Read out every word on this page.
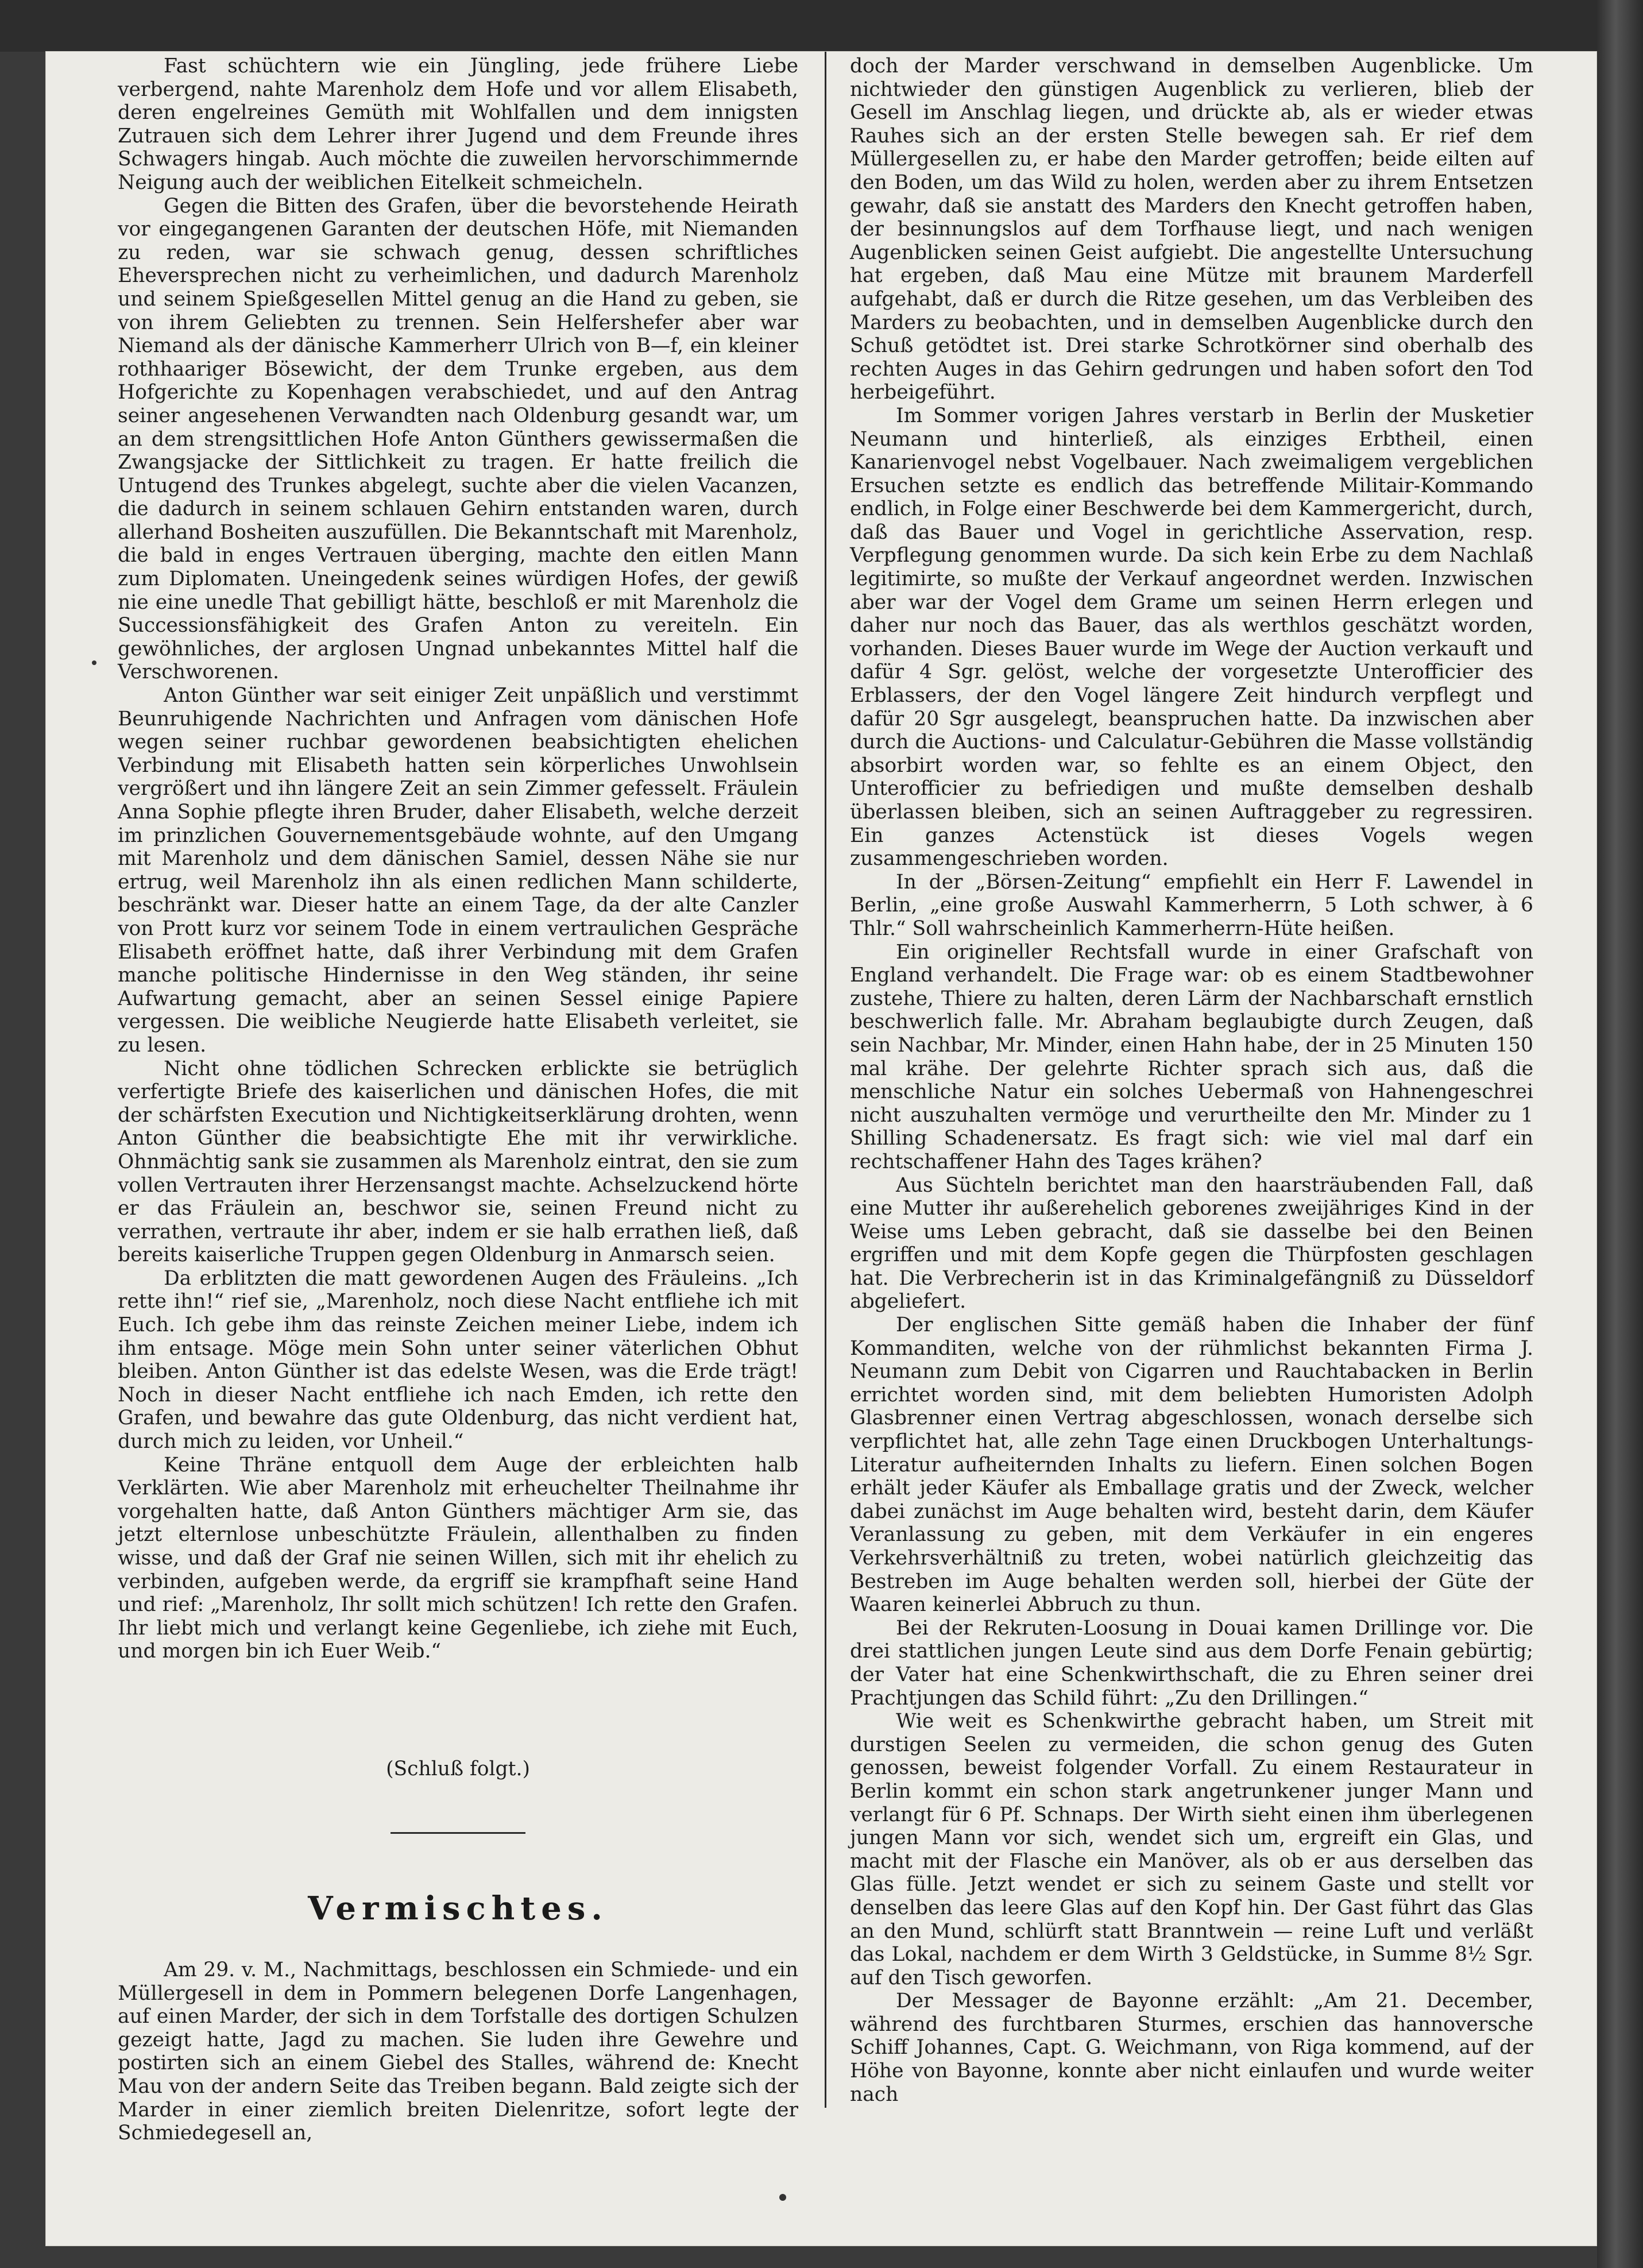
Fast schüchtern wie ein Jüngling, jede frühere Liebe verbergend, nahte Marenholz dem Hofe und vor allem Elisabeth, deren engelreines Gemüth mit Wohlfallen und dem innigsten Zutrauen sich dem Lehrer ihrer Jugend und dem Freunde ihres Schwagers hingab. Auch möchte die zuweilen hervorschimmernde Neigung auch der weiblichen Eitelkeit schmeicheln.

Gegen die Bitten des Grafen, über die bevorstehende Heirath vor eingegangenen Garanten der deutschen Höfe, mit Niemanden zu reden, war sie schwach genug, dessen schriftliches Eheversprechen nicht zu verheimlichen, und dadurch Marenholz und seinem Spießgesellen Mittel genug an die Hand zu geben, sie von ihrem Geliebten zu trennen. Sein Helfershefer aber war Niemand als der dänische Kammerherr Ulrich von B—f, ein kleiner rothhaariger Bösewicht, der dem Trunke ergeben, aus dem Hofgerichte zu Kopenhagen verabschiedet, und auf den Antrag seiner angesehenen Verwandten nach Oldenburg gesandt war, um an dem strengsittlichen Hofe Anton Günthers gewissermaßen die Zwangsjacke der Sittlichkeit zu tragen. Er hatte freilich die Untugend des Trunkes abgelegt, suchte aber die vielen Vacanzen, die dadurch in seinem schlauen Gehirn entstanden waren, durch allerhand Bosheiten auszufüllen. Die Bekanntschaft mit Marenholz, die bald in enges Vertrauen überging, machte den eitlen Mann zum Diplomaten. Uneingedenk seines würdigen Hofes, der gewiß nie eine unedle That gebilligt hätte, beschloß er mit Marenholz die Successionsfähigkeit des Grafen Anton zu vereiteln. Ein gewöhnliches, der arglosen Ungnad unbekanntes Mittel half die Verschworenen.

Anton Günther war seit einiger Zeit unpäßlich und verstimmt Beunruhigende Nachrichten und Anfragen vom dänischen Hofe wegen seiner ruchbar gewordenen beabsichtigten ehelichen Verbindung mit Elisabeth hatten sein körperliches Unwohlsein vergrößert und ihn längere Zeit an sein Zimmer gefesselt. Fräulein Anna Sophie pflegte ihren Bruder, daher Elisabeth, welche derzeit im prinzlichen Gouvernementsgebäude wohnte, auf den Umgang mit Marenholz und dem dänischen Samiel, dessen Nähe sie nur ertrug, weil Marenholz ihn als einen redlichen Mann schilderte, beschränkt war. Dieser hatte an einem Tage, da der alte Canzler von Prott kurz vor seinem Tode in einem vertraulichen Gespräche Elisabeth eröffnet hatte, daß ihrer Verbindung mit dem Grafen manche politische Hindernisse in den Weg ständen, ihr seine Aufwartung gemacht, aber an seinen Sessel einige Papiere vergessen. Die weibliche Neugierde hatte Elisabeth verleitet, sie zu lesen.

Nicht ohne tödlichen Schrecken erblickte sie betrüglich verfertigte Briefe des kaiserlichen und dänischen Hofes, die mit der schärfsten Execution und Nichtigkeitserklärung drohten, wenn Anton Günther die beabsichtigte Ehe mit ihr verwirkliche. Ohnmächtig sank sie zusammen als Marenholz eintrat, den sie zum vollen Vertrauten ihrer Herzensangst machte. Achselzuckend hörte er das Fräulein an, beschwor sie, seinen Freund nicht zu verrathen, vertraute ihr aber, indem er sie halb errathen ließ, daß bereits kaiserliche Truppen gegen Oldenburg in Anmarsch seien.

Da erblitzten die matt gewordenen Augen des Fräuleins. „Ich rette ihn!“ rief sie, „Marenholz, noch diese Nacht entfliehe ich mit Euch. Ich gebe ihm das reinste Zeichen meiner Liebe, indem ich ihm entsage. Möge mein Sohn unter seiner väterlichen Obhut bleiben. Anton Günther ist das edelste Wesen, was die Erde trägt! Noch in dieser Nacht entfliehe ich nach Emden, ich rette den Grafen, und bewahre das gute Oldenburg, das nicht verdient hat, durch mich zu leiden, vor Unheil.“

Keine Thräne entquoll dem Auge der erbleichten halb Verklärten. Wie aber Marenholz mit erheuchelter Theilnahme ihr vorgehalten hatte, daß Anton Günthers mächtiger Arm sie, das jetzt elternlose unbeschützte Fräulein, allenthalben zu finden wisse, und daß der Graf nie seinen Willen, sich mit ihr ehelich zu verbinden, aufgeben werde, da ergriff sie krampfhaft seine Hand und rief: „Marenholz, Ihr sollt mich schützen! Ich rette den Grafen. Ihr liebt mich und verlangt keine Gegenliebe, ich ziehe mit Euch, und morgen bin ich Euer Weib.“

(Schluß folgt.)
Vermischtes.

Am 29. v. M., Nachmittags, beschlossen ein Schmiede- und ein Müllergesell in dem in Pommern belegenen Dorfe Langenhagen, auf einen Marder, der sich in dem Torfstalle des dortigen Schulzen gezeigt hatte, Jagd zu machen. Sie luden ihre Gewehre und postirten sich an einem Giebel des Stalles, während de: Knecht Mau von der andern Seite das Treiben begann. Bald zeigte sich der Marder in einer ziemlich breiten Dielenritze, sofort legte der Schmiedegesell an,

doch der Marder verschwand in demselben Augenblicke. Um nichtwieder den günstigen Augenblick zu verlieren, blieb der Gesell im Anschlag liegen, und drückte ab, als er wieder etwas Rauhes sich an der ersten Stelle bewegen sah. Er rief dem Müllergesellen zu, er habe den Marder getroffen; beide eilten auf den Boden, um das Wild zu holen, werden aber zu ihrem Entsetzen gewahr, daß sie anstatt des Marders den Knecht getroffen haben, der besinnungslos auf dem Torfhause liegt, und nach wenigen Augenblicken seinen Geist aufgiebt. Die angestellte Untersuchung hat ergeben, daß Mau eine Mütze mit braunem Marderfell aufgehabt, daß er durch die Ritze gesehen, um das Verbleiben des Marders zu beobachten, und in demselben Augenblicke durch den Schuß getödtet ist. Drei starke Schrotkörner sind oberhalb des rechten Auges in das Gehirn gedrungen und haben sofort den Tod herbeigeführt.

Im Sommer vorigen Jahres verstarb in Berlin der Musketier Neumann und hinterließ, als einziges Erbtheil, einen Kanarienvogel nebst Vogelbauer. Nach zweimaligem vergeblichen Ersuchen setzte es endlich das betreffende Militair-Kommando endlich, in Folge einer Beschwerde bei dem Kammergericht, durch, daß das Bauer und Vogel in gerichtliche Asservation, resp. Verpflegung genommen wurde. Da sich kein Erbe zu dem Nachlaß legitimirte, so mußte der Verkauf angeordnet werden. Inzwischen aber war der Vogel dem Grame um seinen Herrn erlegen und daher nur noch das Bauer, das als werthlos geschätzt worden, vorhanden. Dieses Bauer wurde im Wege der Auction verkauft und dafür 4 Sgr. gelöst, welche der vorgesetzte Unterofficier des Erblassers, der den Vogel längere Zeit hindurch verpflegt und dafür 20 Sgr ausgelegt, beanspruchen hatte. Da inzwischen aber durch die Auctions- und Calculatur-Gebühren die Masse vollständig absorbirt worden war, so fehlte es an einem Object, den Unterofficier zu befriedigen und mußte demselben deshalb überlassen bleiben, sich an seinen Auftraggeber zu regressiren. Ein ganzes Actenstück ist dieses Vogels wegen zusammengeschrieben worden.

In der „Börsen-Zeitung“ empfiehlt ein Herr F. Lawendel in Berlin, „eine große Auswahl Kammerherrn, 5 Loth schwer, à 6 Thlr.“ Soll wahrscheinlich Kammerherrn-Hüte heißen.

Ein origineller Rechtsfall wurde in einer Grafschaft von England verhandelt. Die Frage war: ob es einem Stadtbewohner zustehe, Thiere zu halten, deren Lärm der Nachbarschaft ernstlich beschwerlich falle. Mr. Abraham beglaubigte durch Zeugen, daß sein Nachbar, Mr. Minder, einen Hahn habe, der in 25 Minuten 150 mal krähe. Der gelehrte Richter sprach sich aus, daß die menschliche Natur ein solches Uebermaß von Hahnengeschrei nicht auszuhalten vermöge und verurtheilte den Mr. Minder zu 1 Shilling Schadenersatz. Es fragt sich: wie viel mal darf ein rechtschaffener Hahn des Tages krähen?

Aus Süchteln berichtet man den haarsträubenden Fall, daß eine Mutter ihr außerehelich geborenes zweijähriges Kind in der Weise ums Leben gebracht, daß sie dasselbe bei den Beinen ergriffen und mit dem Kopfe gegen die Thürpfosten geschlagen hat. Die Verbrecherin ist in das Kriminalgefängniß zu Düsseldorf abgeliefert.

Der englischen Sitte gemäß haben die Inhaber der fünf Kommanditen, welche von der rühmlichst bekannten Firma J. Neumann zum Debit von Cigarren und Rauchtabacken in Berlin errichtet worden sind, mit dem beliebten Humoristen Adolph Glasbrenner einen Vertrag abgeschlossen, wonach derselbe sich verpflichtet hat, alle zehn Tage einen Druckbogen Unterhaltungs-Literatur aufheiternden Inhalts zu liefern. Einen solchen Bogen erhält jeder Käufer als Emballage gratis und der Zweck, welcher dabei zunächst im Auge behalten wird, besteht darin, dem Käufer Veranlassung zu geben, mit dem Verkäufer in ein engeres Verkehrsverhältniß zu treten, wobei natürlich gleichzeitig das Bestreben im Auge behalten werden soll, hierbei der Güte der Waaren keinerlei Abbruch zu thun.

Bei der Rekruten-Loosung in Douai kamen Drillinge vor. Die drei stattlichen jungen Leute sind aus dem Dorfe Fenain gebürtig; der Vater hat eine Schenkwirthschaft, die zu Ehren seiner drei Prachtjungen das Schild führt: „Zu den Drillingen.“

Wie weit es Schenkwirthe gebracht haben, um Streit mit durstigen Seelen zu vermeiden, die schon genug des Guten genossen, beweist folgender Vorfall. Zu einem Restaurateur in Berlin kommt ein schon stark angetrunkener junger Mann und verlangt für 6 Pf. Schnaps. Der Wirth sieht einen ihm überlegenen jungen Mann vor sich, wendet sich um, ergreift ein Glas, und macht mit der Flasche ein Manöver, als ob er aus derselben das Glas fülle. Jetzt wendet er sich zu seinem Gaste und stellt vor denselben das leere Glas auf den Kopf hin. Der Gast führt das Glas an den Mund, schlürft statt Branntwein — reine Luft und verläßt das Lokal, nachdem er dem Wirth 3 Geldstücke, in Summe 8½ Sgr. auf den Tisch geworfen.

Der Messager de Bayonne erzählt: „Am 21. December, während des furchtbaren Sturmes, erschien das hannoversche Schiff Johannes, Capt. G. Weichmann, von Riga kommend, auf der Höhe von Bayonne, konnte aber nicht einlaufen und wurde weiter nach
